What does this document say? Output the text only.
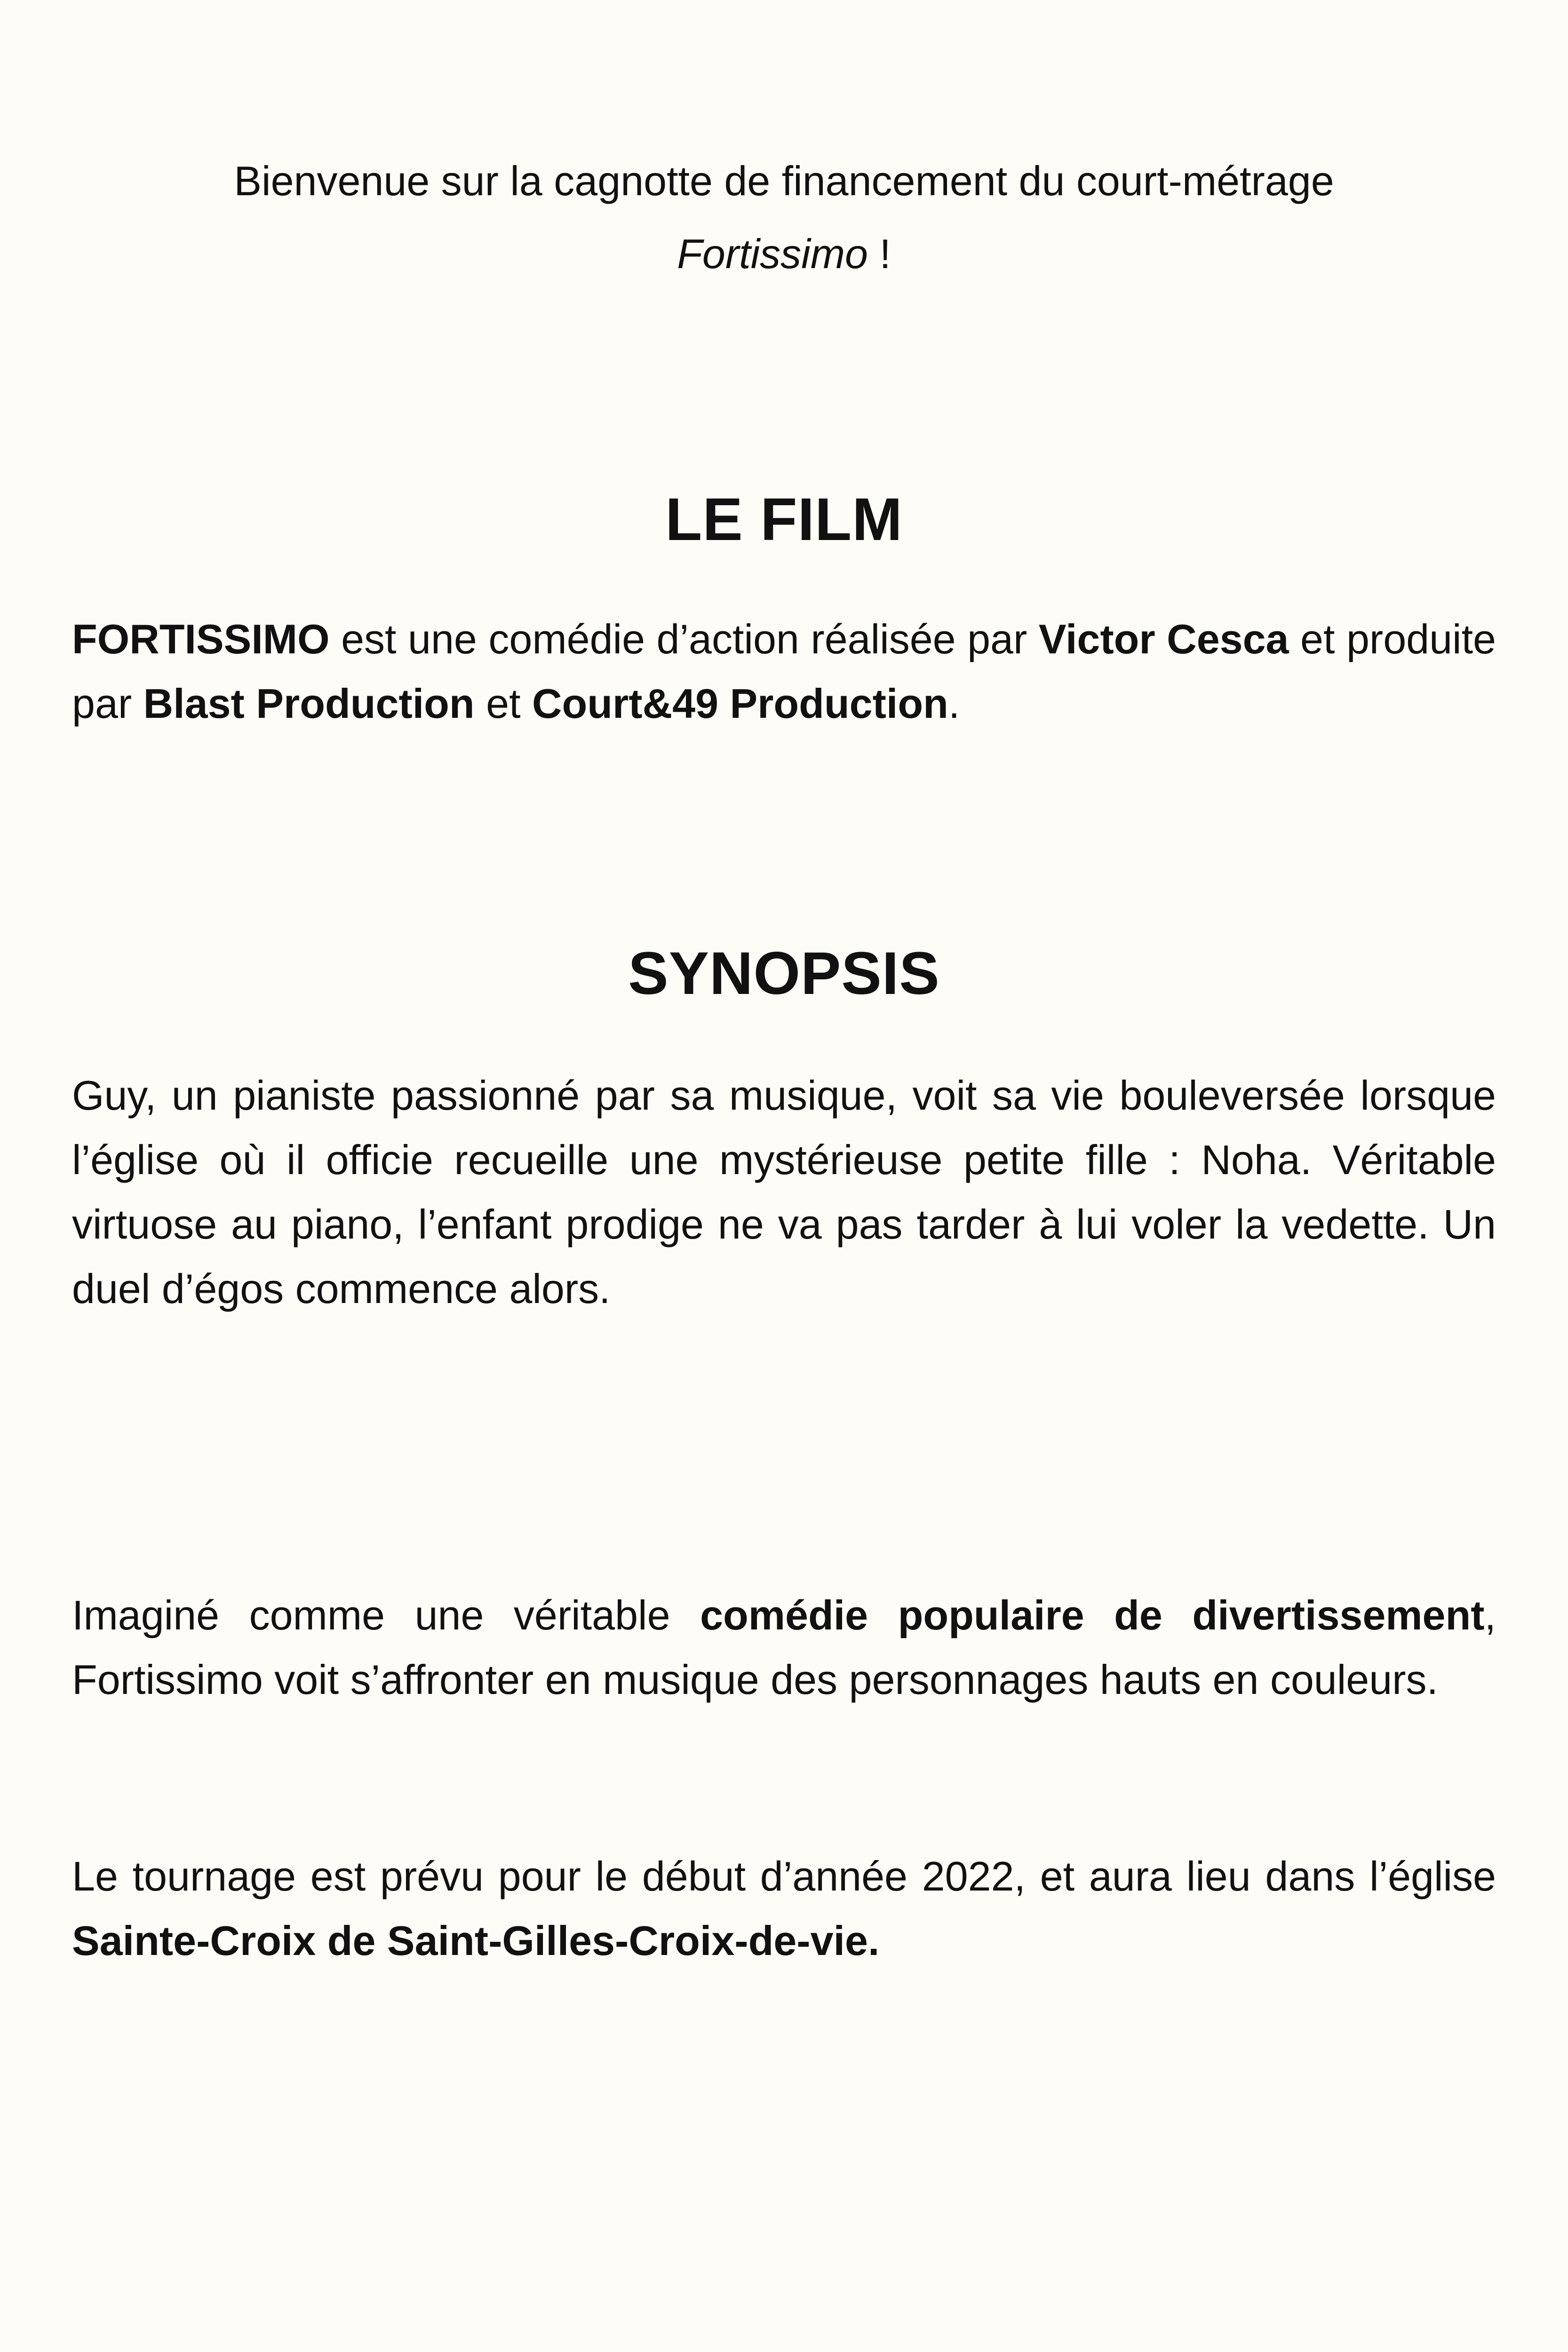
Bienvenue sur la cagnotte de financement du court-métrage
Fortissimo !
LE FILM

FORTISSIMO est une comédie d’action réalisée par Victor Cesca et produite par Blast Production et Court&49 Production.

SYNOPSIS

Guy, un pianiste passionné par sa musique, voit sa vie bouleversée lorsque l’église où il officie recueille une mystérieuse petite fille : Noha. Véritable virtuose au piano, l’enfant prodige ne va pas tarder à lui voler la vedette. Un duel d’égos commence alors.

Imaginé comme une véritable comédie populaire de divertissement, Fortissimo voit s’affronter en musique des personnages hauts en couleurs.

Le tournage est prévu pour le début d’année 2022, et aura lieu dans l’église Sainte-Croix de Saint-Gilles-Croix-de-vie.
